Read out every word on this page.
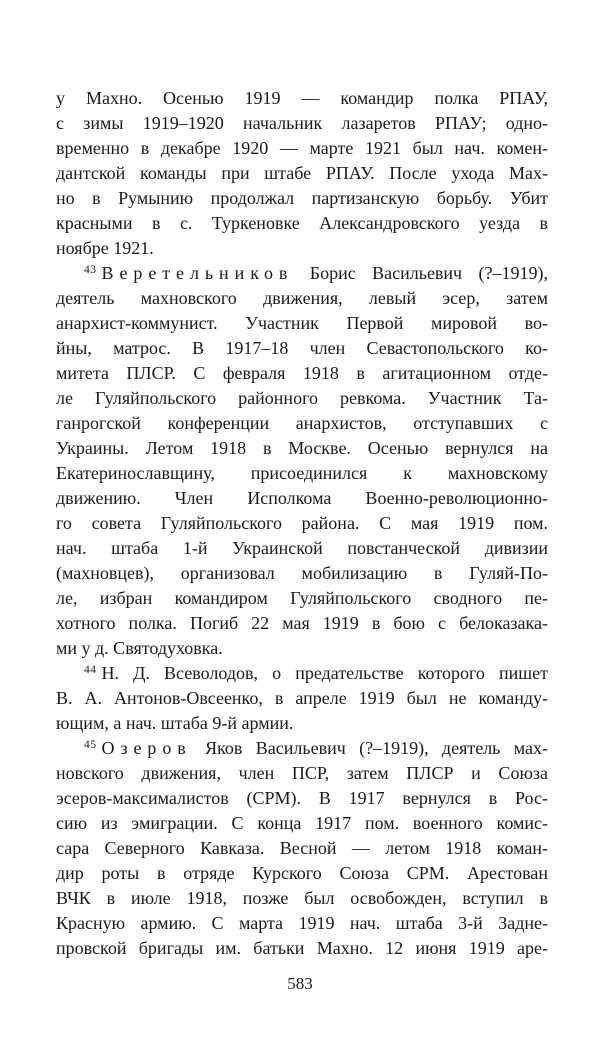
у Махно. Осенью 1919 — командир полка РПАУ,
с зимы 1919–1920 начальник лазаретов РПАУ; одно-
временно в декабре 1920 — марте 1921 был нач. комен-
дантской команды при штабе РПАУ. После ухода Мах-
но в Румынию продолжал партизанскую борьбу. Убит
красными в с. Туркеновке Александровского уезда в
ноябре 1921.
$^{43}$ Веретельников Борис Васильевич (?–1919),
деятель махновского движения, левый эсер, затем
анархист-коммунист. Участник Первой мировой во-
йны, матрос. В 1917–18 член Севастопольского ко-
митета ПЛСР. С февраля 1918 в агитационном отде-
ле Гуляйпольского районного ревкома. Участник Та-
ганрогской конференции анархистов, отступавших с
Украины. Летом 1918 в Москве. Осенью вернулся на
Екатеринославщину, присоединился к махновскому
движению. Член Исполкома Военно-революционно-
го совета Гуляйпольского района. С мая 1919 пом.
нач. штаба 1-й Украинской повстанческой дивизии
(махновцев), организовал мобилизацию в Гуляй-По-
ле, избран командиром Гуляйпольского сводного пе-
хотного полка. Погиб 22 мая 1919 в бою с белоказака-
ми у д. Святодуховка.
$^{44}$ Н. Д. Всеволодов, о предательстве которого пишет
В. А. Антонов-Овсеенко, в апреле 1919 был не команду-
ющим, а нач. штаба 9-й армии.
$^{45}$ Озеров Яков Васильевич (?–1919), деятель мах-
новского движения, член ПСР, затем ПЛСР и Союза
эсеров-максималистов (СРМ). В 1917 вернулся в Рос-
сию из эмиграции. С конца 1917 пом. военного комис-
сара Северного Кавказа. Весной — летом 1918 коман-
дир роты в отряде Курского Союза СРМ. Арестован
ВЧК в июле 1918, позже был освобожден, вступил в
Красную армию. С марта 1919 нач. штаба 3-й Задне-
провской бригады им. батьки Махно. 12 июня 1919 аре-
583
